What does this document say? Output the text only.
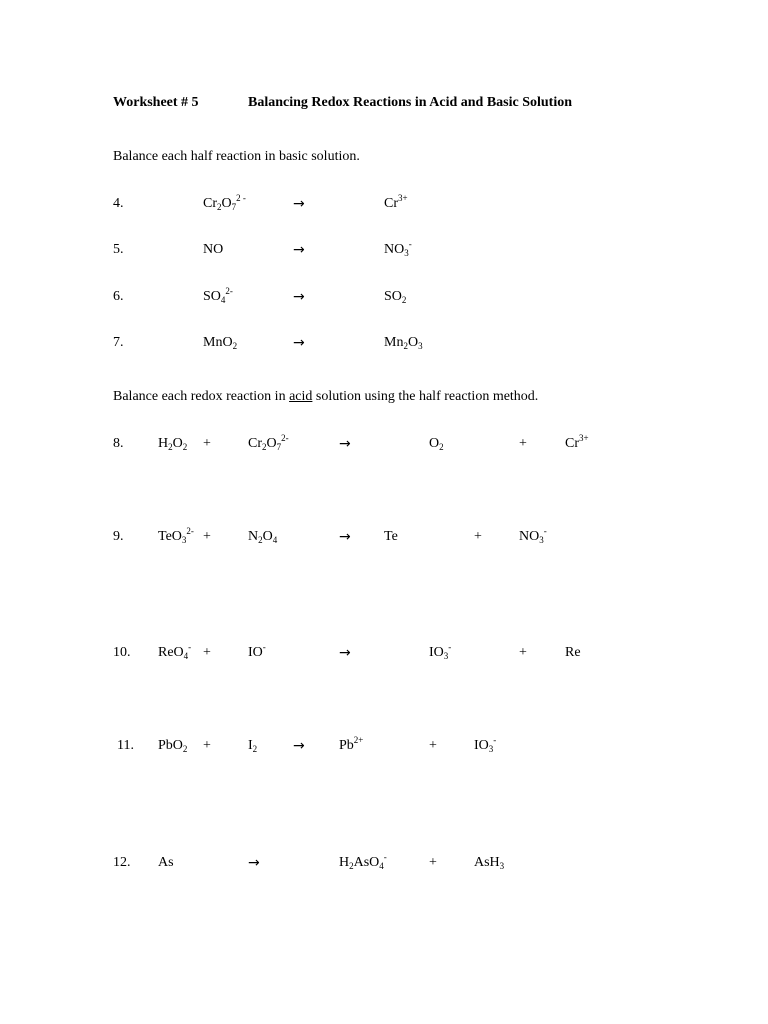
Worksheet # 5	Balancing Redox Reactions in Acid and Basic Solution
Balance each half reaction in basic solution.
4.	$Cr_2O_7^{2 -}$	→	$Cr^{3+}$
5.	NO	→	$NO_3^-$
6.	$SO_4^{2-}$	→	$SO_2$
7.	MnO$_2$	→	$Mn_2O_3$
Balance each redox reaction in acid solution using the half reaction method.
8. $H_2O_2$ +	$Cr_2O_7^{2-}$	→	$O_2$	+	$Cr^{3+}$
9. TeO$_3^{2-}$ +	$N_2O_4$	→ Te	+	$NO_3^-$
10. ReO$_4$- +	IO-	→	$IO_3^-$	+	Re
11. PbO$_2$ +	$I_2$	→ $Pb^{2+}$	+	$IO_3^-$
12. As	→	$H_2AsO_4^-$	+	AsH$_3$
